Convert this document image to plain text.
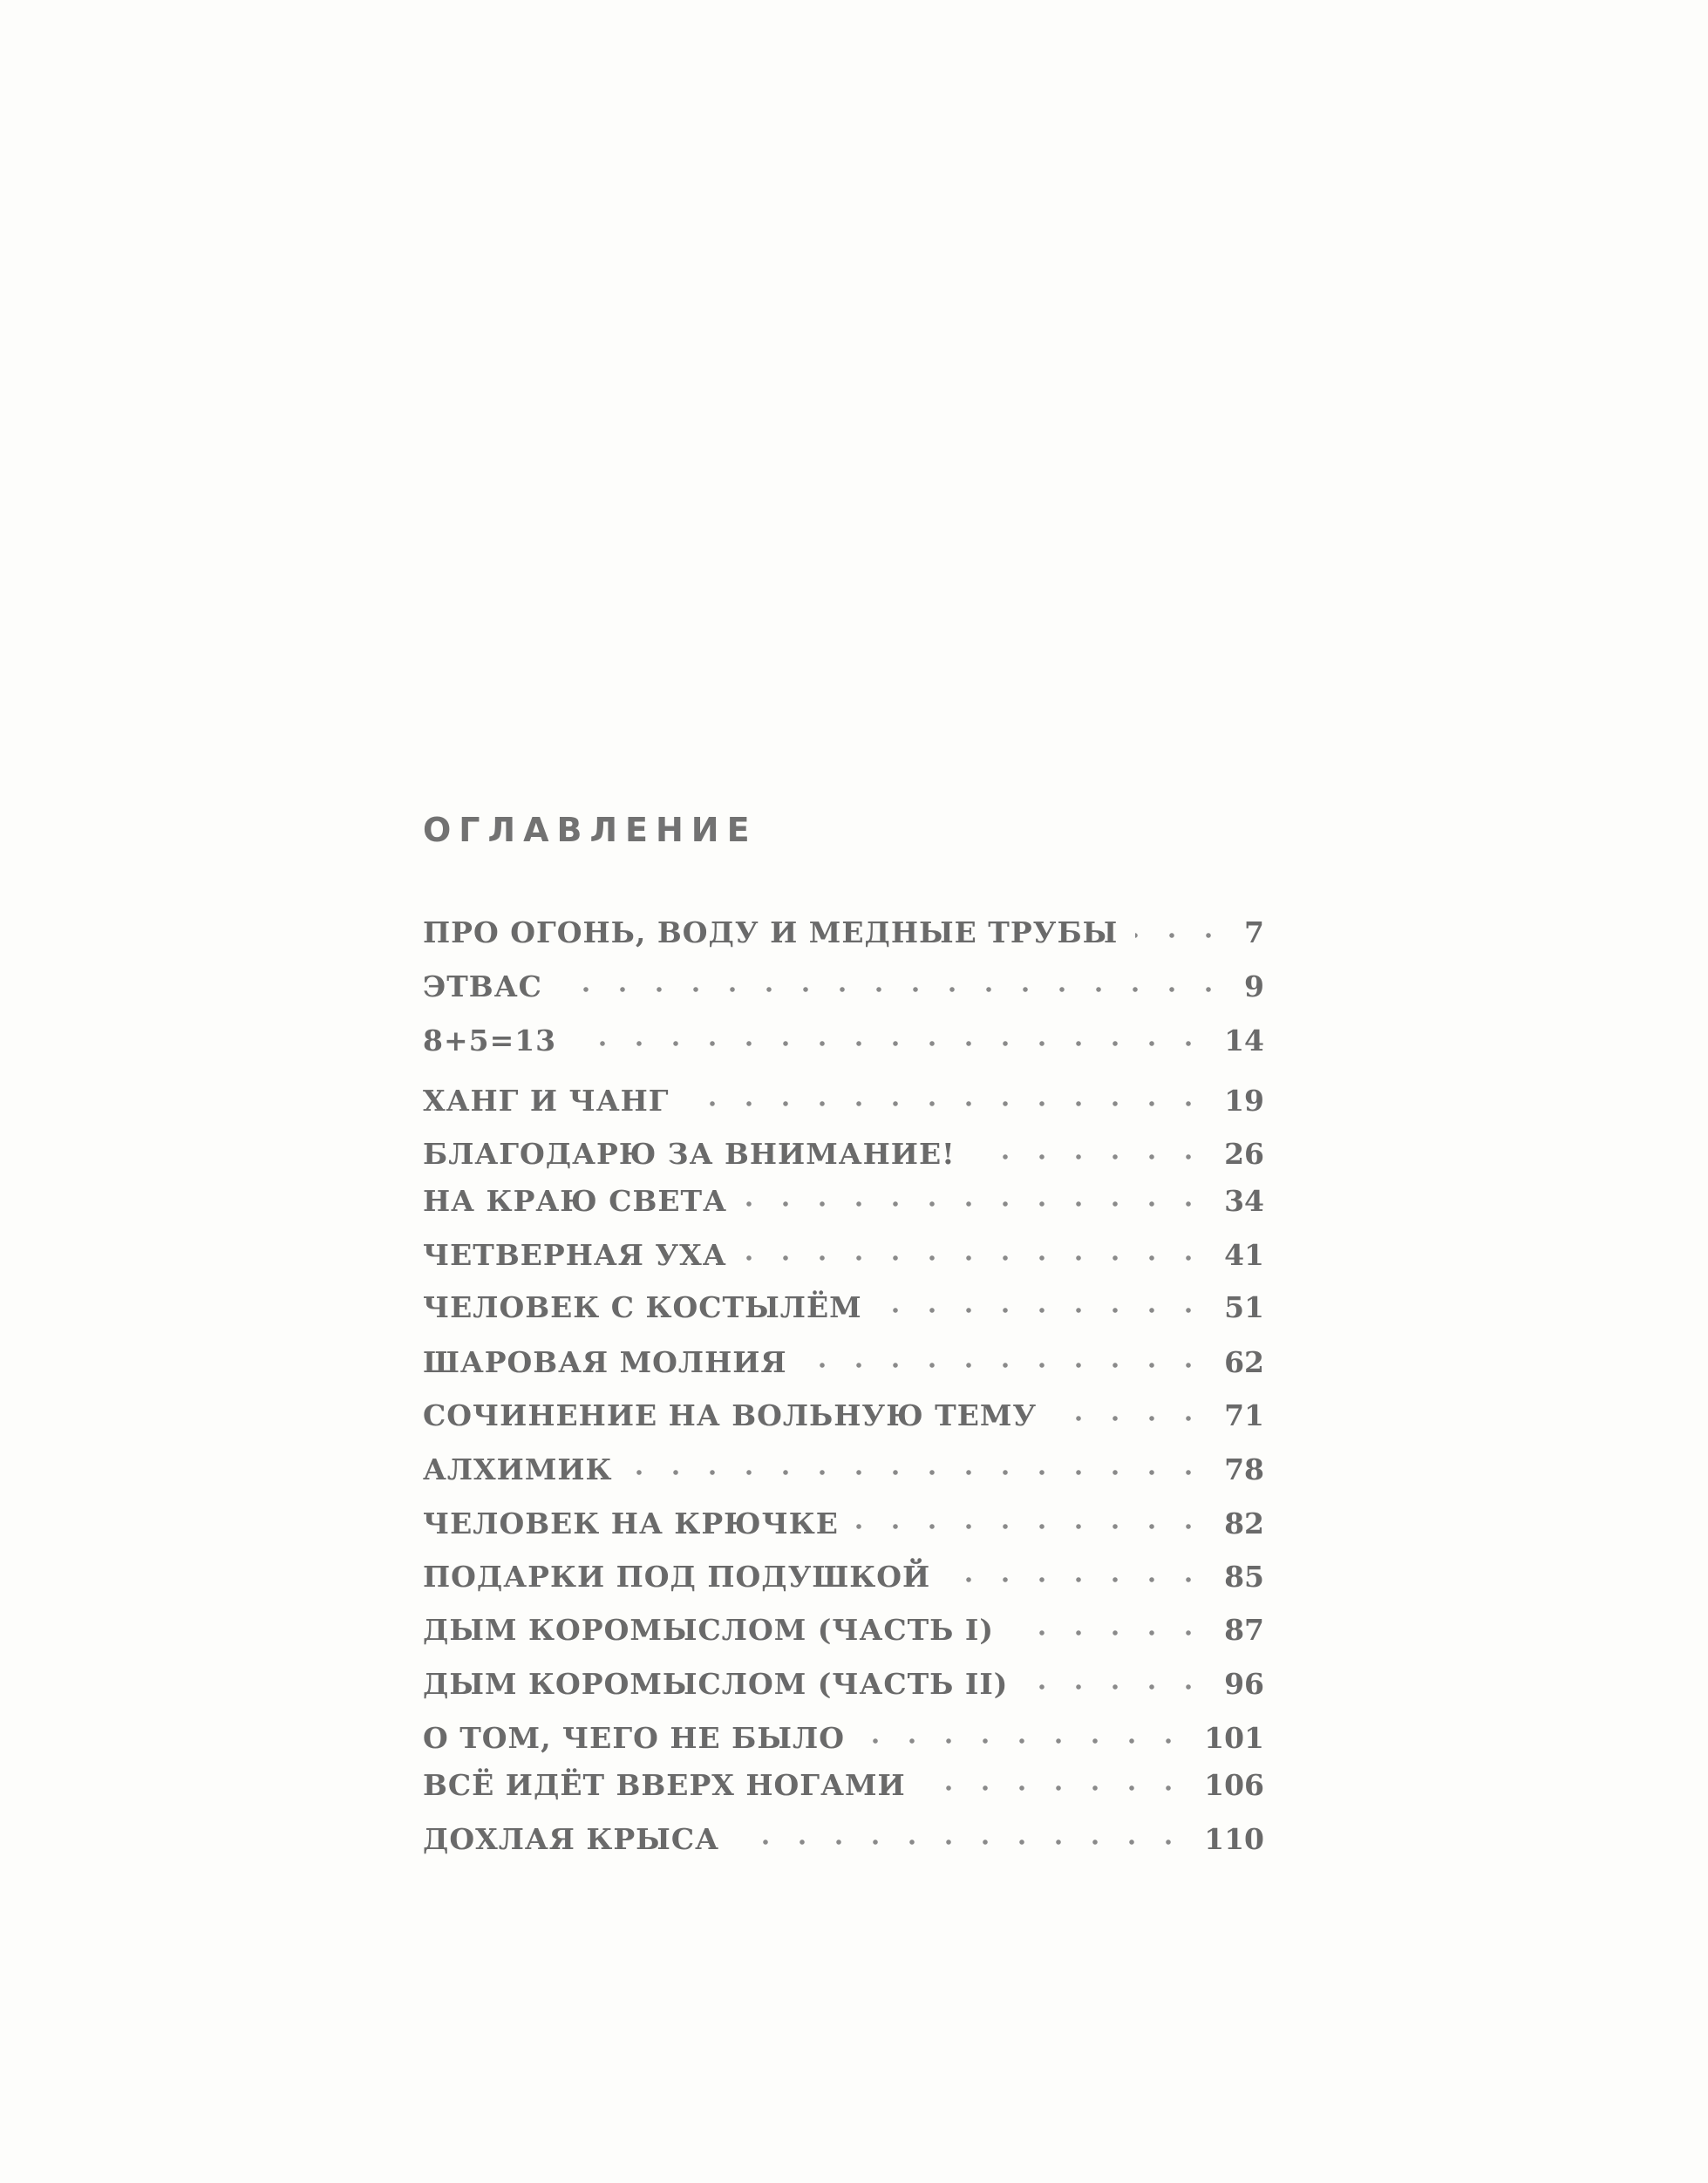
ОГЛАВЛЕНИЕ
ПРО ОГОНЬ, ВОДУ И МЕДНЫЕ ТРУБЫ	7
ЭТВАС	9
8+5=13	14
ХАНГ И ЧАНГ	19
БЛАГОДАРЮ ЗА ВНИМАНИЕ!	26
НА КРАЮ СВЕТА	34
ЧЕТВЕРНАЯ УХА	41
ЧЕЛОВЕК С КОСТЫЛЁМ	51
ШАРОВАЯ МОЛНИЯ	62
СОЧИНЕНИЕ НА ВОЛЬНУЮ ТЕМУ	71
АЛХИМИК	78
ЧЕЛОВЕК НА КРЮЧКЕ	82
ПОДАРКИ ПОД ПОДУШКОЙ	85
ДЫМ КОРОМЫСЛОМ (ЧАСТЬ I)	87
ДЫМ КОРОМЫСЛОМ (ЧАСТЬ II)	96
О ТОМ, ЧЕГО НЕ БЫЛО	101
ВСЁ ИДЁТ ВВЕРХ НОГАМИ	106
ДОХЛАЯ КРЫСА	110
